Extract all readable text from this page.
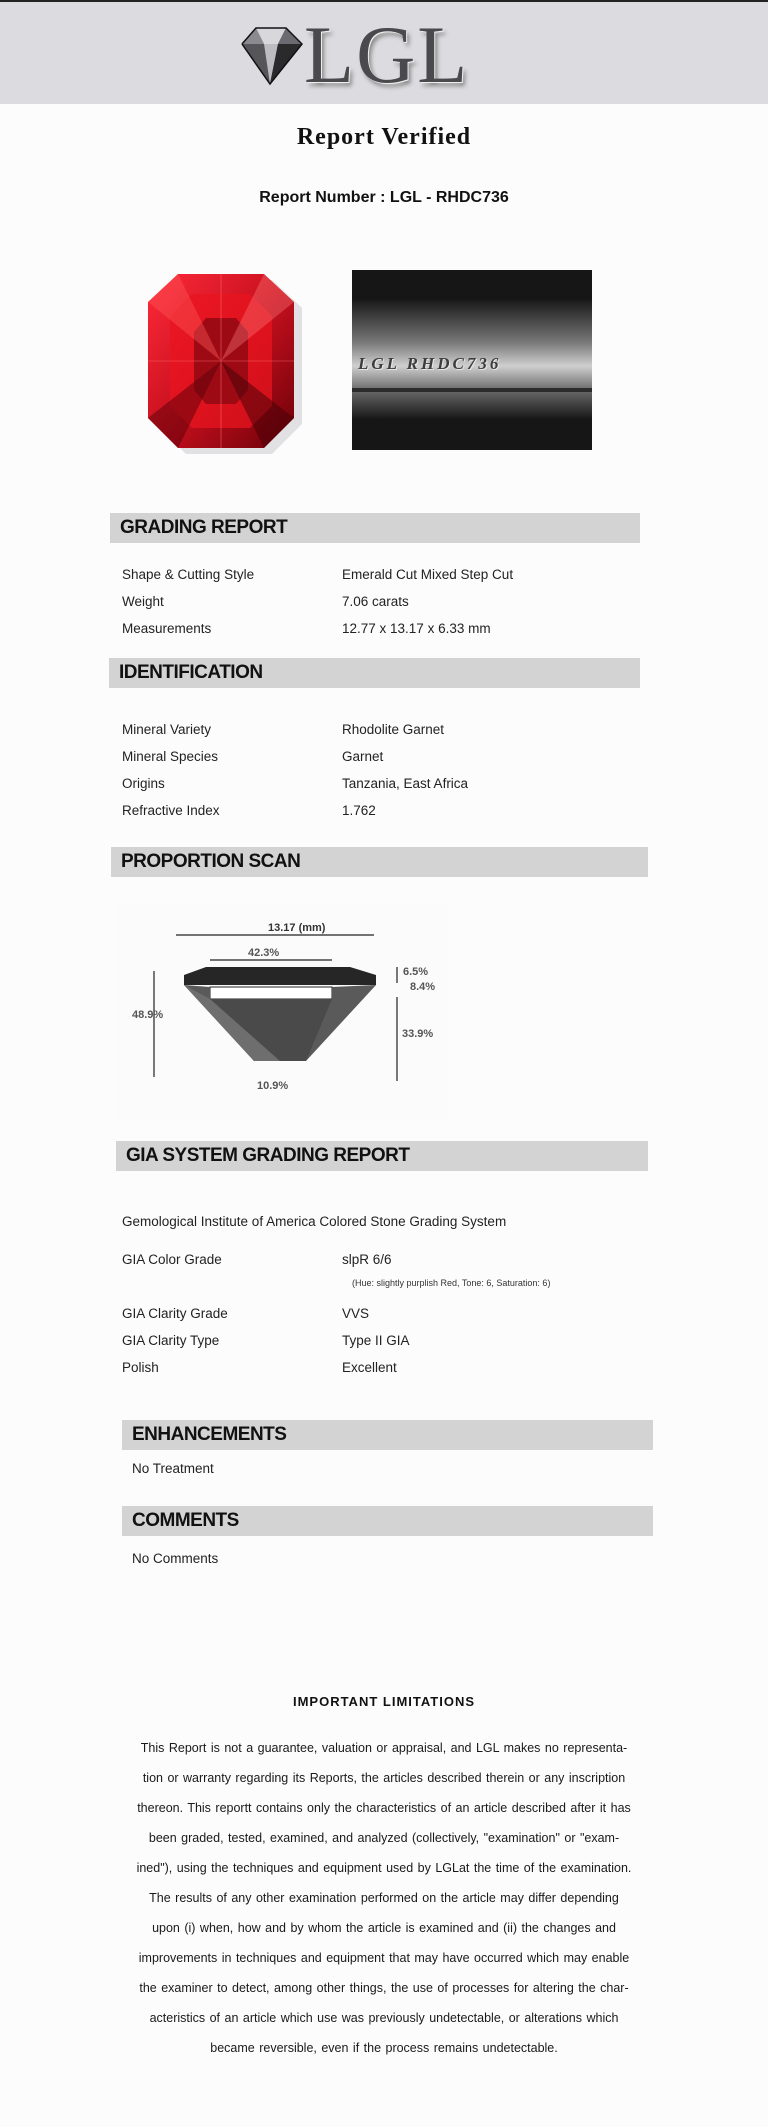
LGL
Report Verified
Report Number : LGL - RHDC736
LGL RHDC736
GRADING REPORT
Shape & Cutting Style	Emerald Cut Mixed Step Cut
Weight	7.06 carats
Measurements	12.77 x 13.17 x 6.33 mm
IDENTIFICATION
Mineral Variety	Rhodolite Garnet
Mineral Species	Garnet
Origins	Tanzania, East Africa
Refractive Index	1.762
PROPORTION SCAN
13.17 (mm)
42.3%
6.5%
8.4%
48.9%
33.9%
10.9%
GIA SYSTEM GRADING REPORT
Gemological Institute of America Colored Stone Grading System
GIA Color Grade	slpR 6/6
(Hue: slightly purplish Red, Tone: 6, Saturation: 6)
GIA Clarity Grade	VVS
GIA Clarity Type	Type II GIA
Polish	Excellent
ENHANCEMENTS
No Treatment
COMMENTS
No Comments
IMPORTANT LIMITATIONS
This Report is not a guarantee, valuation or appraisal, and LGL makes no representa-
tion or warranty regarding its Reports, the articles described therein or any inscription
thereon. This reportt contains only the characteristics of an article described after it has
been graded, tested, examined, and analyzed (collectively, "examination" or "exam-
ined"), using the techniques and equipment used by LGLat the time of the examination.
The results of any other examination performed on the article may differ depending
upon (i) when, how and by whom the article is examined and (ii) the changes and
improvements in techniques and equipment that may have occurred which may enable
the examiner to detect, among other things, the use of processes for altering the char-
acteristics of an article which use was previously undetectable, or alterations which
became reversible, even if the process remains undetectable.
